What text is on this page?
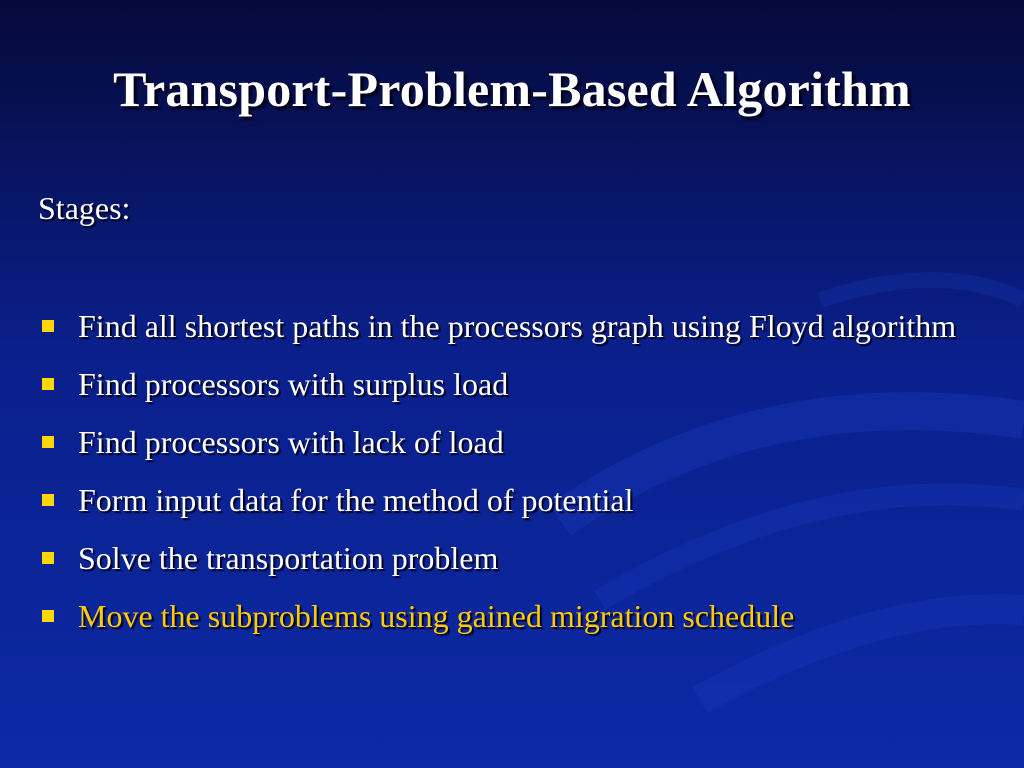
Transport-Problem-Based Algorithm
Stages:
Find all shortest paths in the processors graph using Floyd algorithm
Find processors with surplus load
Find processors with lack of load
Form input data for the method of potential
Solve the transportation problem
Move the subproblems using gained migration schedule
